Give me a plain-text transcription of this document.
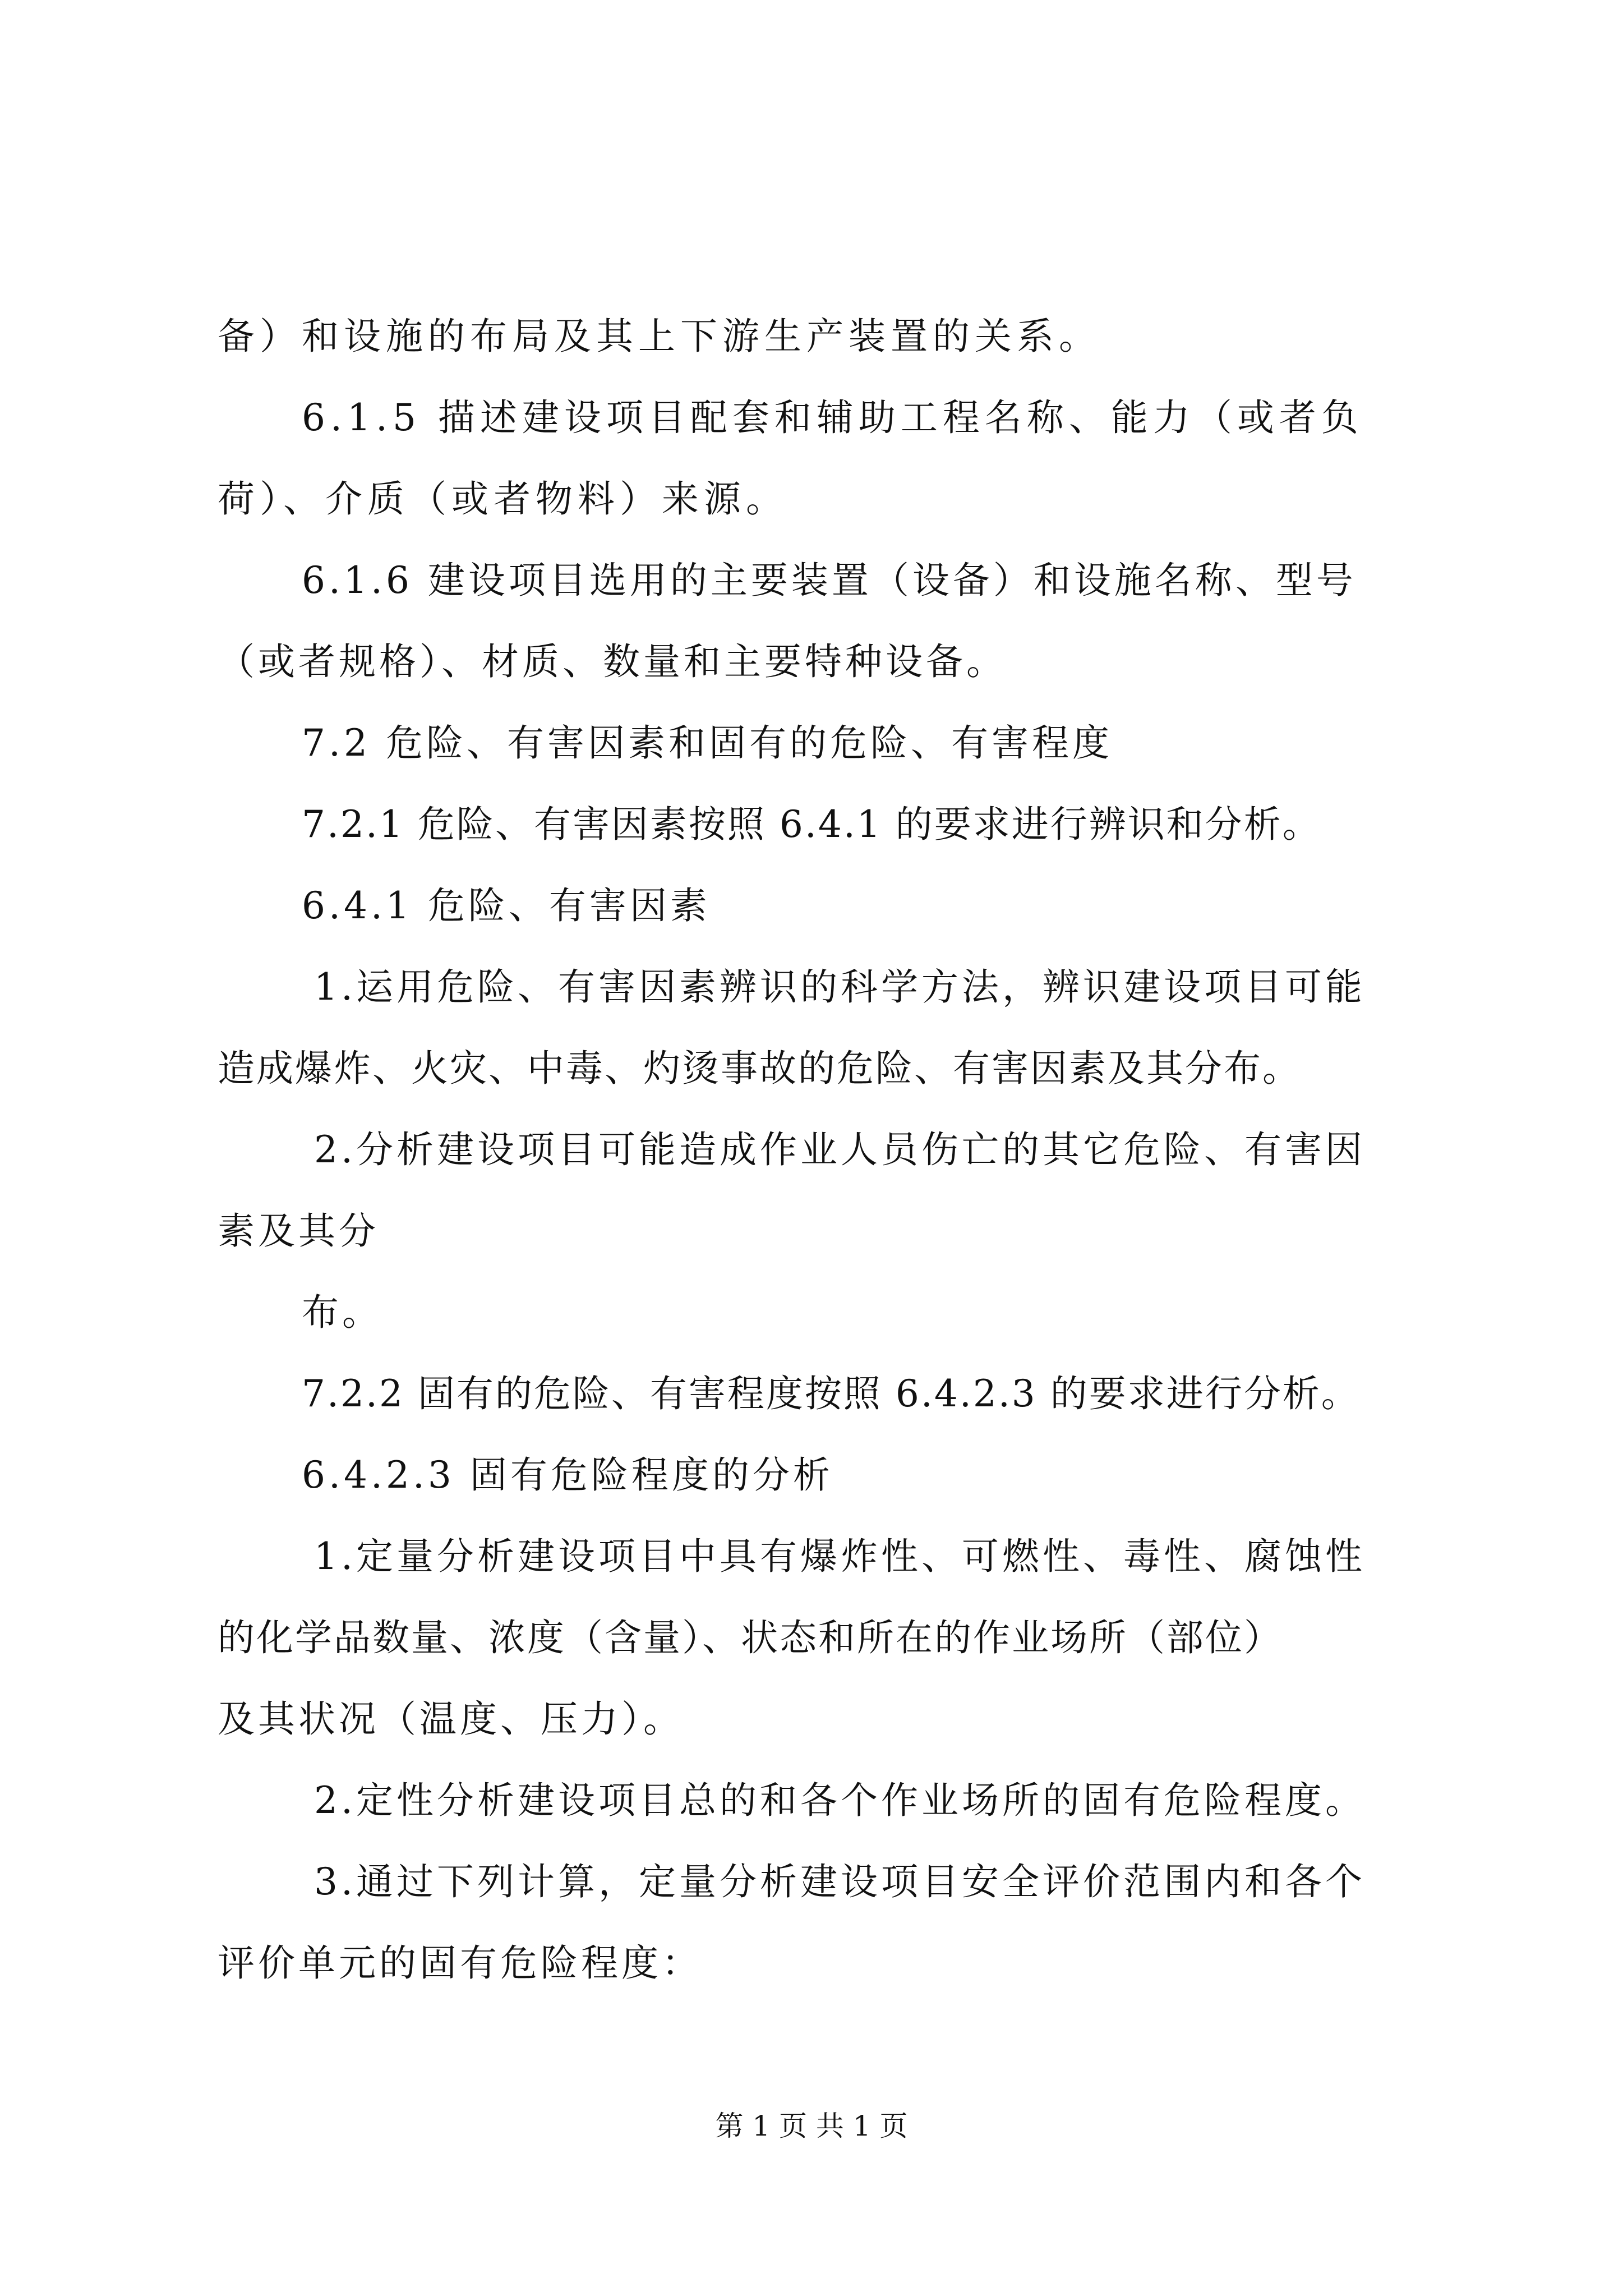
备）和设施的布局及其上下游生产装置的关系。

6.1.5 描述建设项目配套和辅助工程名称、能力（或者负

荷）、介质（或者物料）来源。

6.1.6 建设项目选用的主要装置（设备）和设施名称、型号

（或者规格）、材质、数量和主要特种设备。

7.2 危险、有害因素和固有的危险、有害程度

7.2.1 危险、有害因素按照 6.4.1 的要求进行辨识和分析。

6.4.1 危险、有害因素

1.运用危险、有害因素辨识的科学方法，辨识建设项目可能

造成爆炸、火灾、中毒、灼烫事故的危险、有害因素及其分布。

2.分析建设项目可能造成作业人员伤亡的其它危险、有害因

素及其分

布。

7.2.2 固有的危险、有害程度按照 6.4.2.3 的要求进行分析。

6.4.2.3 固有危险程度的分析

1.定量分析建设项目中具有爆炸性、可燃性、毒性、腐蚀性

的化学品数量、浓度（含量）、状态和所在的作业场所（部位）

及其状况（温度、压力）。

2.定性分析建设项目总的和各个作业场所的固有危险程度。

3.通过下列计算，定量分析建设项目安全评价范围内和各个

评价单元的固有危险程度：

第 1 页 共 1 页
